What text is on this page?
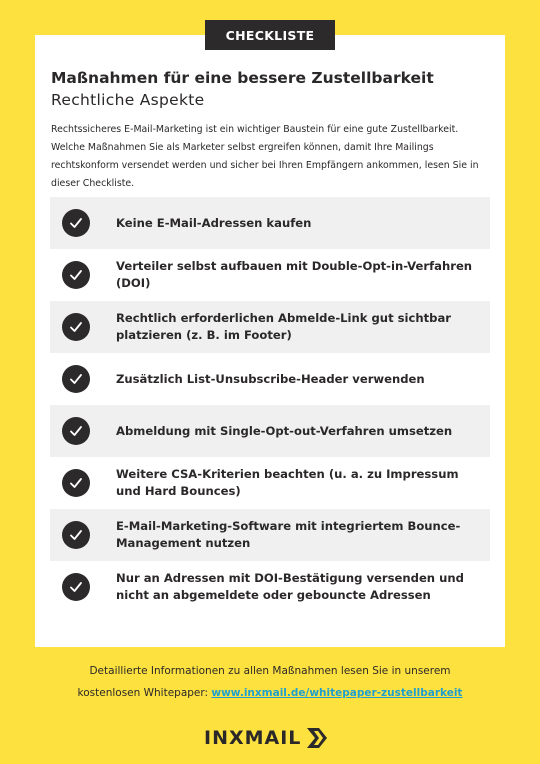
CHECKLISTE
Maßnahmen für eine bessere Zustellbarkeit
Rechtliche Aspekte

Rechtssicheres E-Mail-Marketing ist ein wichtiger Baustein für eine gute Zustellbarkeit. Welche Maßnahmen Sie als Marketer selbst ergreifen können, damit Ihre Mailings rechtskonform versendet werden und sicher bei Ihren Empfängern ankommen, lesen Sie in dieser Checkliste.

Keine E-Mail-Adressen kaufen
Verteiler selbst aufbauen mit Double-Opt-in-Verfahren (DOI)
Rechtlich erforderlichen Abmelde-Link gut sichtbar platzieren (z. B. im Footer)
Zusätzlich List-Unsubscribe-Header verwenden
Abmeldung mit Single-Opt-out-Verfahren umsetzen
Weitere CSA-Kriterien beachten (u. a. zu Impressum und Hard Bounces)
E-Mail-Marketing-Software mit integriertem Bounce-Management nutzen
Nur an Adressen mit DOI-Bestätigung versenden und nicht an abgemeldete oder gebouncte Adressen
Detaillierte Informationen zu allen Maßnahmen lesen Sie in unserem
kostenlosen Whitepaper: www.inxmail.de/whitepaper-zustellbarkeit
INXMAIL
